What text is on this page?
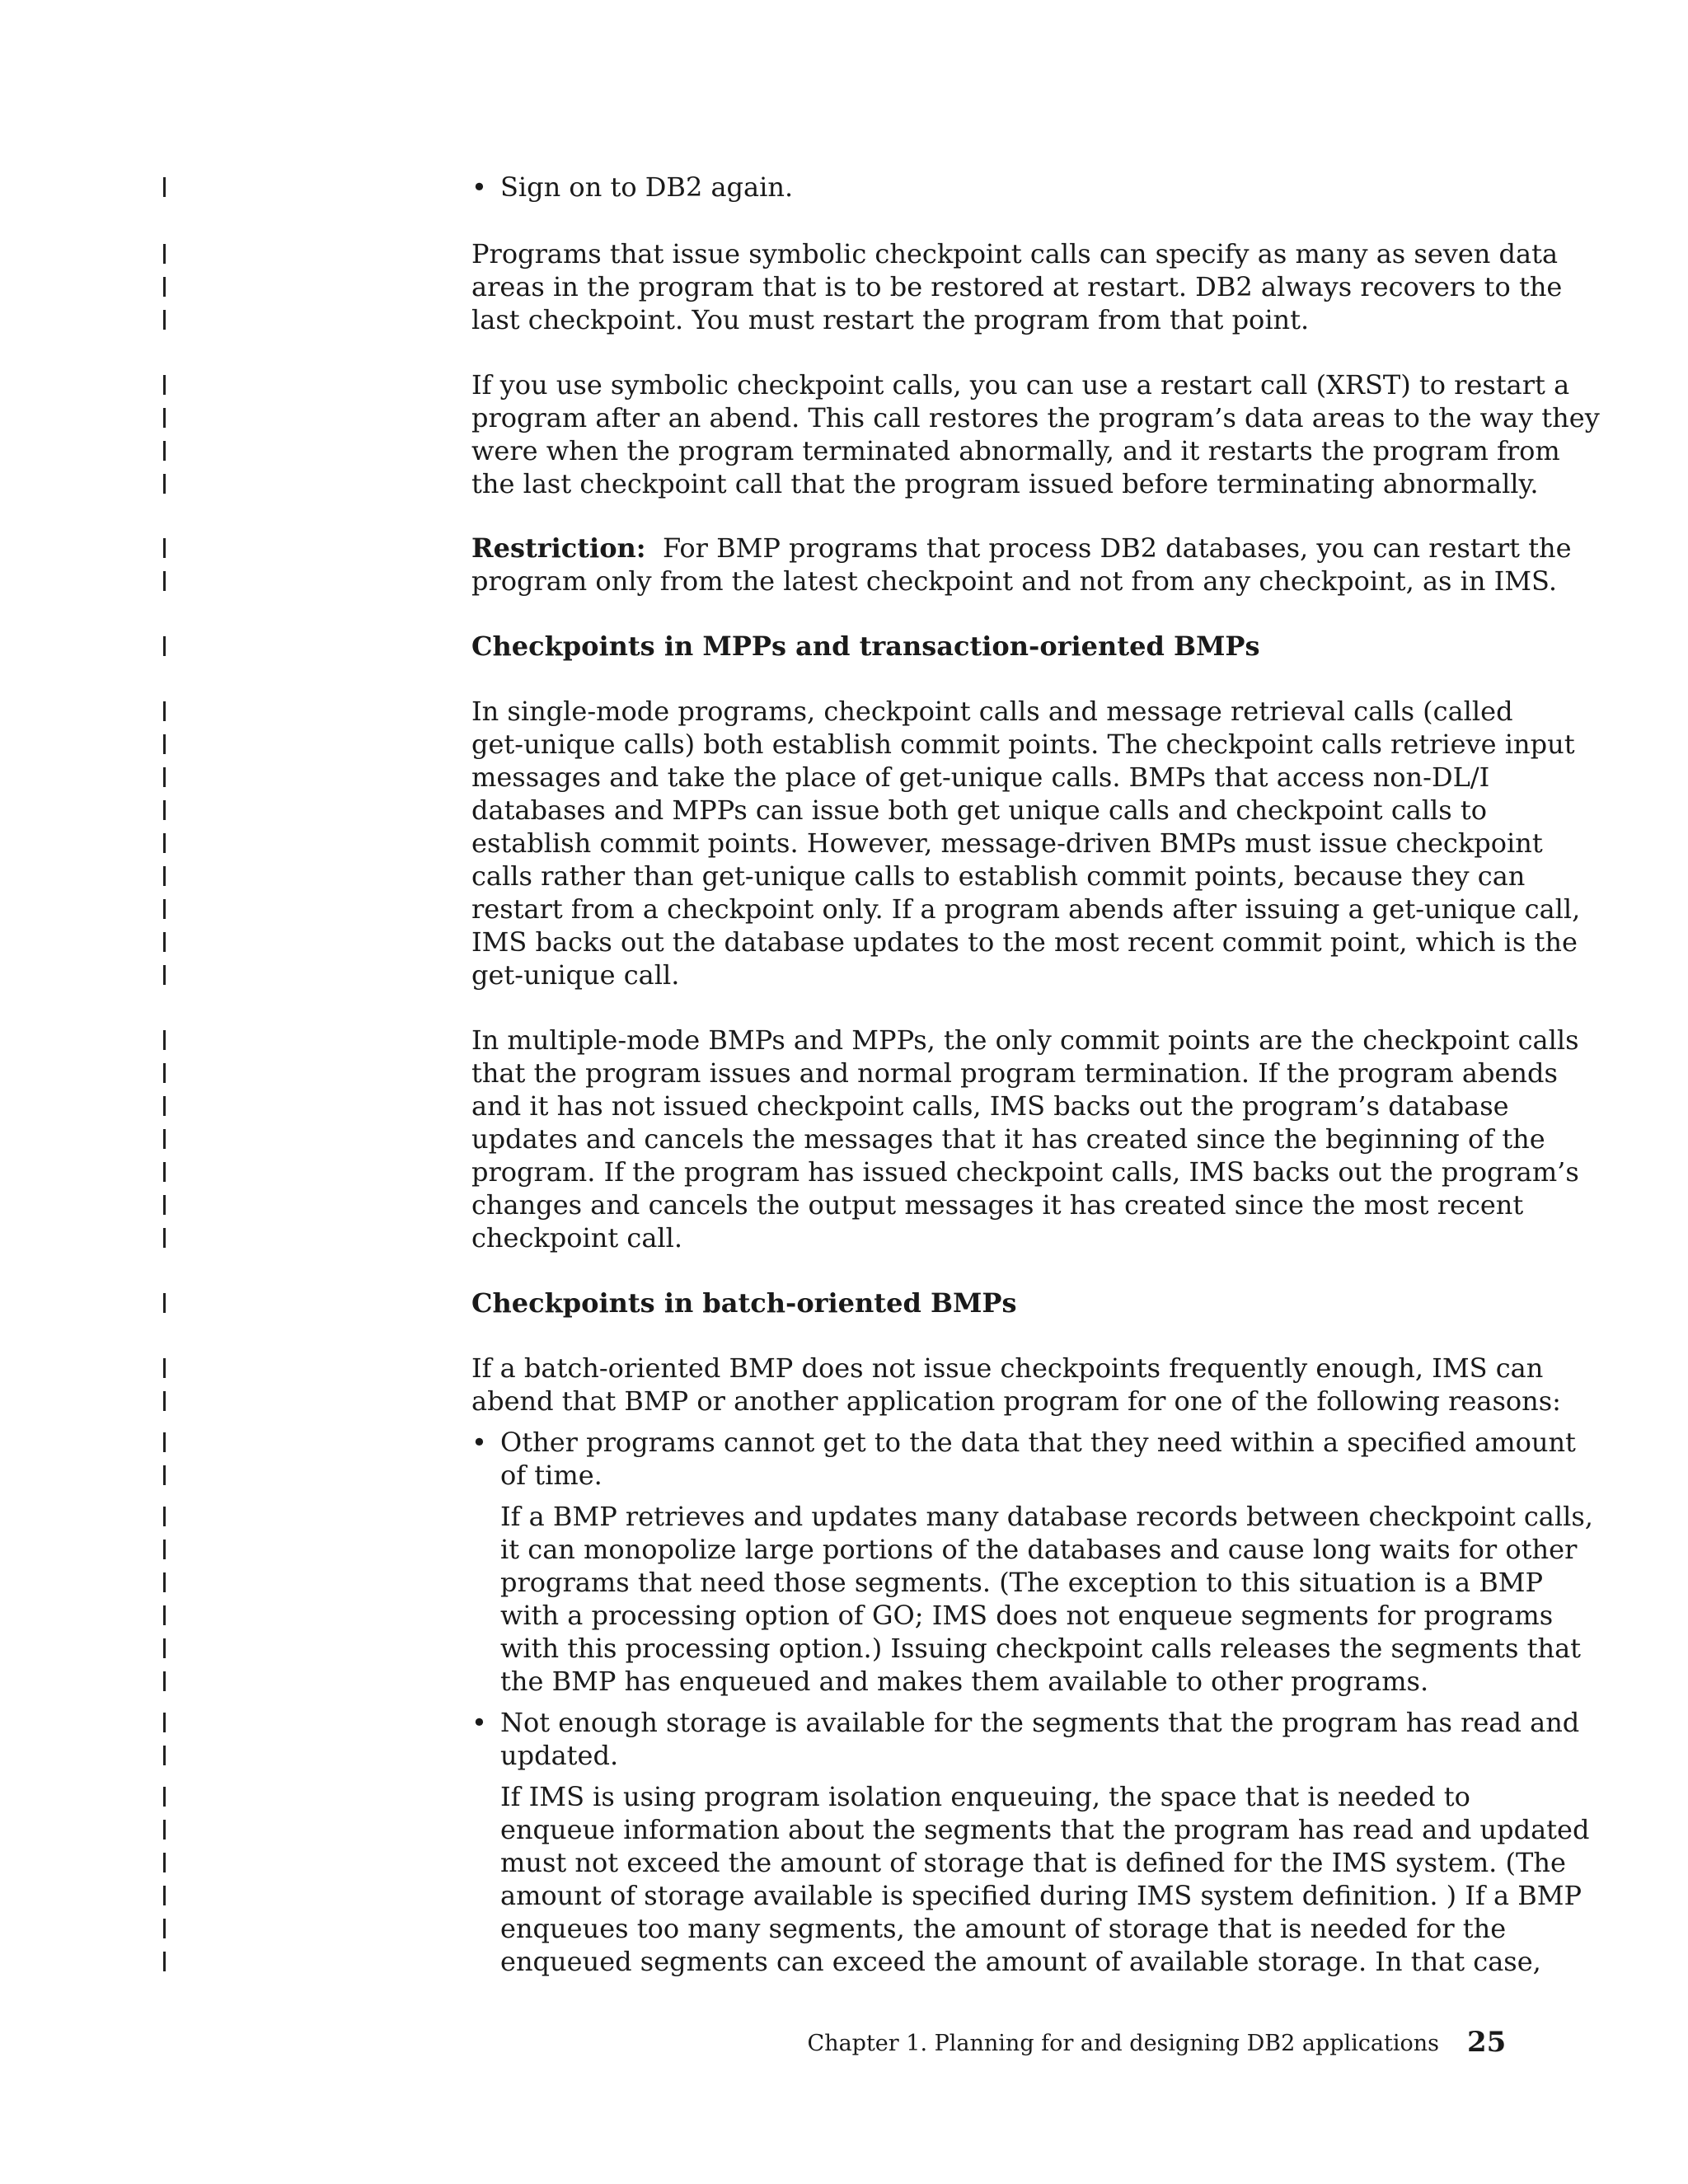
• Sign on to DB2 again.
Programs that issue symbolic checkpoint calls can specify as many as seven data
areas in the program that is to be restored at restart. DB2 always recovers to the
last checkpoint. You must restart the program from that point.
If you use symbolic checkpoint calls, you can use a restart call (XRST) to restart a
program after an abend. This call restores the program’s data areas to the way they
were when the program terminated abnormally, and it restarts the program from
the last checkpoint call that the program issued before terminating abnormally.
Restriction: For BMP programs that process DB2 databases, you can restart the
program only from the latest checkpoint and not from any checkpoint, as in IMS.
Checkpoints in MPPs and transaction-oriented BMPs
In single-mode programs, checkpoint calls and message retrieval calls (called
get-unique calls) both establish commit points. The checkpoint calls retrieve input
messages and take the place of get-unique calls. BMPs that access non-DL/I
databases and MPPs can issue both get unique calls and checkpoint calls to
establish commit points. However, message-driven BMPs must issue checkpoint
calls rather than get-unique calls to establish commit points, because they can
restart from a checkpoint only. If a program abends after issuing a get-unique call,
IMS backs out the database updates to the most recent commit point, which is the
get-unique call.
In multiple-mode BMPs and MPPs, the only commit points are the checkpoint calls
that the program issues and normal program termination. If the program abends
and it has not issued checkpoint calls, IMS backs out the program’s database
updates and cancels the messages that it has created since the beginning of the
program. If the program has issued checkpoint calls, IMS backs out the program’s
changes and cancels the output messages it has created since the most recent
checkpoint call.
Checkpoints in batch-oriented BMPs
If a batch-oriented BMP does not issue checkpoints frequently enough, IMS can
abend that BMP or another application program for one of the following reasons:
• Other programs cannot get to the data that they need within a specified amount
of time.
If a BMP retrieves and updates many database records between checkpoint calls,
it can monopolize large portions of the databases and cause long waits for other
programs that need those segments. (The exception to this situation is a BMP
with a processing option of GO; IMS does not enqueue segments for programs
with this processing option.) Issuing checkpoint calls releases the segments that
the BMP has enqueued and makes them available to other programs.
• Not enough storage is available for the segments that the program has read and
updated.
If IMS is using program isolation enqueuing, the space that is needed to
enqueue information about the segments that the program has read and updated
must not exceed the amount of storage that is defined for the IMS system. (The
amount of storage available is specified during IMS system definition. ) If a BMP
enqueues too many segments, the amount of storage that is needed for the
enqueued segments can exceed the amount of available storage. In that case,
Chapter 1. Planning for and designing DB2 applications 25
